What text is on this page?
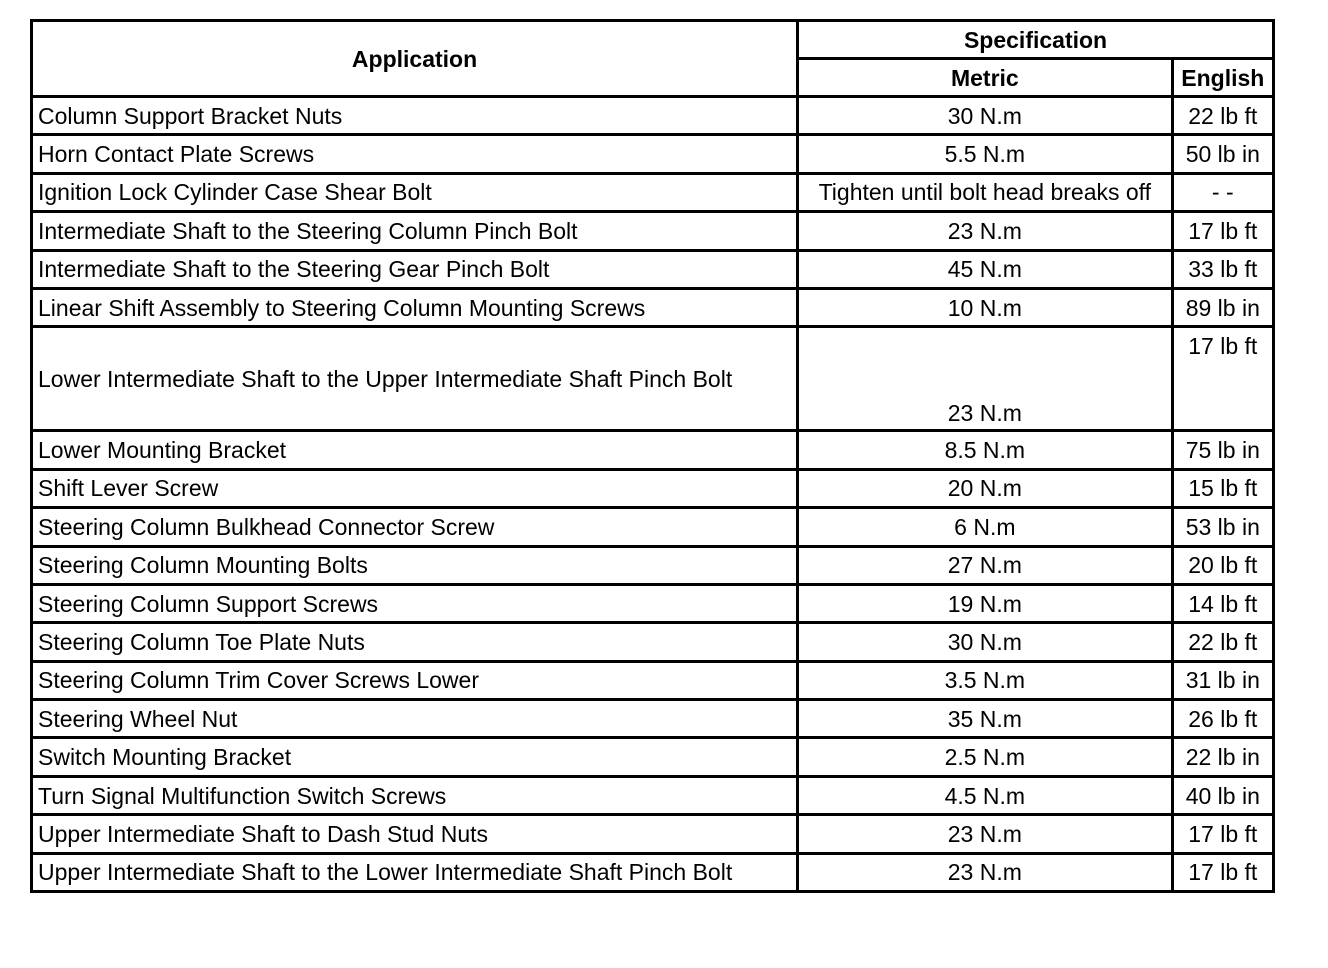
Application	Specification	
	Metric	English
Column Support Bracket Nuts	30 N.m	22 lb ft
Horn Contact Plate Screws	5.5 N.m	50 lb in
Ignition Lock Cylinder Case Shear Bolt	Tighten until bolt head breaks off	- -
Intermediate Shaft to the Steering Column Pinch Bolt	23 N.m	17 lb ft
Intermediate Shaft to the Steering Gear Pinch Bolt	45 N.m	33 lb ft
Linear Shift Assembly to Steering Column Mounting Screws	10 N.m	89 lb in
Lower Intermediate Shaft to the Upper Intermediate Shaft Pinch Bolt	23 N.m	17 lb ft
Lower Mounting Bracket	8.5 N.m	75 lb in
Shift Lever Screw	20 N.m	15 lb ft
Steering Column Bulkhead Connector Screw	6 N.m	53 lb in
Steering Column Mounting Bolts	27 N.m	20 lb ft
Steering Column Support Screws	19 N.m	14 lb ft
Steering Column Toe Plate Nuts	30 N.m	22 lb ft
Steering Column Trim Cover Screws Lower	3.5 N.m	31 lb in
Steering Wheel Nut	35 N.m	26 lb ft
Switch Mounting Bracket	2.5 N.m	22 lb in
Turn Signal Multifunction Switch Screws	4.5 N.m	40 lb in
Upper Intermediate Shaft to Dash Stud Nuts	23 N.m	17 lb ft
Upper Intermediate Shaft to the Lower Intermediate Shaft Pinch Bolt	23 N.m	17 lb ft
